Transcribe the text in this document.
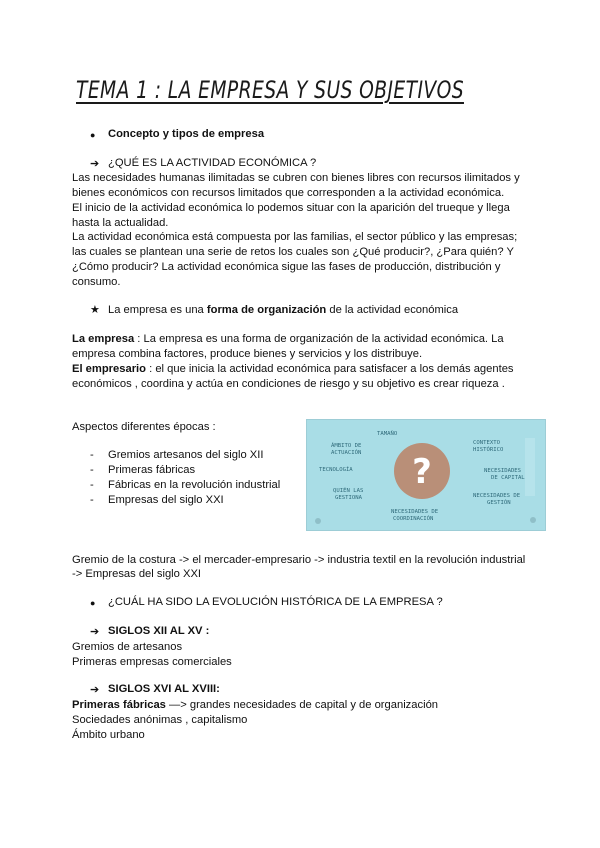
TEMA 1 : LA EMPRESA Y SUS OBJETIVOS
● Concepto y tipos de empresa
➔ ¿QUÉ ES LA ACTIVIDAD ECONÓMICA ?
Las necesidades humanas ilimitadas se cubren con bienes libres con recursos ilimitados y
bienes económicos con recursos limitados que corresponden a la actividad económica.
El inicio de la actividad económica lo podemos situar con la aparición del trueque y llega
hasta la actualidad.
La actividad económica está compuesta por las familias, el sector público y las empresas;
las cuales se plantean una serie de retos los cuales son ¿Qué producir?, ¿Para quién? Y
¿Cómo producir? La actividad económica sigue las fases de producción, distribución y
consumo.
★ La empresa es una forma de organización de la actividad económica
La empresa : La empresa es una forma de organización de la actividad económica. La
empresa combina factores, produce bienes y servicios y los distribuye.
El empresario : el que inicia la actividad económica para satisfacer a los demás agentes
económicos , coordina y actúa en condiciones de riesgo y su objetivo es crear riqueza .
Aspectos diferentes épocas :
- Gremios artesanos del siglo XII
- Primeras fábricas
- Fábricas en la revolución industrial
- Empresas del siglo XXI
TAMAÑO
ÁMBITO DE
ACTUACIÓN
TECNOLOGÍA
CONTEXTO
HISTÓRICO
NECESIDADES
DE CAPITAL
QUIÉN LAS
GESTIONA	NECESIDADES DE
GESTIÓN
NECESIDADES DE
COORDINACIÓN
?
Gremio de la costura -> el mercader-empresario -> industria textil en la revolución industrial
-> Empresas del siglo XXI
● ¿CUÁL HA SIDO LA EVOLUCIÓN HISTÓRICA DE LA EMPRESA ?
➔ SIGLOS XII AL XV :
Gremios de artesanos
Primeras empresas comerciales
➔ SIGLOS XVI AL XVIII:
Primeras fábricas —> grandes necesidades de capital y de organización
Sociedades anónimas , capitalismo
Ámbito urbano
